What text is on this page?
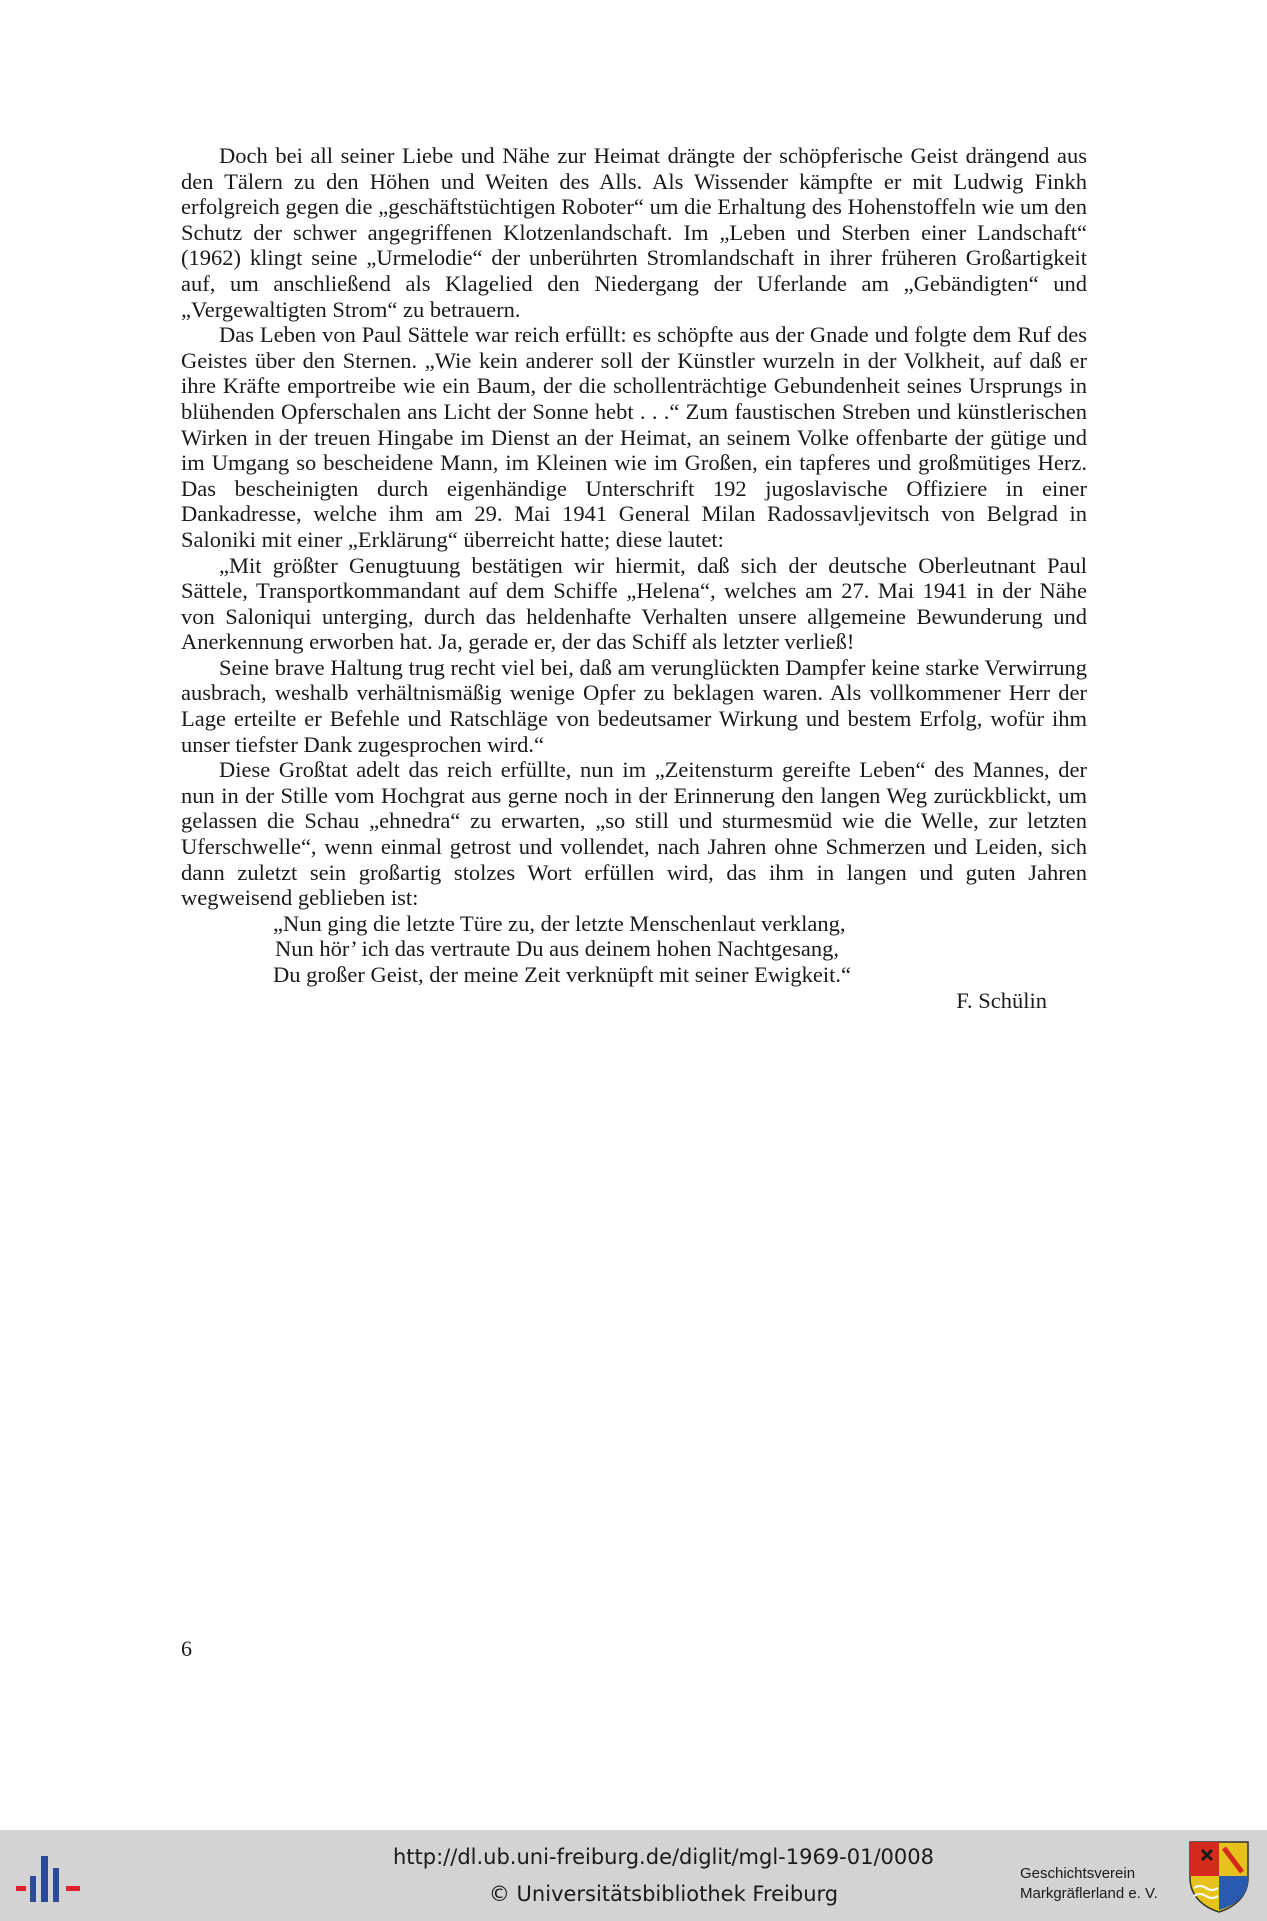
Doch bei all seiner Liebe und Nähe zur Heimat drängte der schöpferische Geist drängend aus den Tälern zu den Höhen und Weiten des Alls. Als Wissender kämpfte er mit Ludwig Finkh erfolgreich gegen die „geschäftstüchtigen Roboter“ um die Erhaltung des Hohenstoffeln wie um den Schutz der schwer angegriffenen Klotzenlandschaft. Im „Leben und Sterben einer Landschaft“ (1962) klingt seine „Urmelodie“ der unberührten Stromlandschaft in ihrer früheren Großartigkeit auf, um anschließend als Klagelied den Niedergang der Uferlande am „Gebändigten“ und „Vergewaltigten Strom“ zu betrauern.

Das Leben von Paul Sättele war reich erfüllt: es schöpfte aus der Gnade und folgte dem Ruf des Geistes über den Sternen. „Wie kein anderer soll der Künstler wurzeln in der Volkheit, auf daß er ihre Kräfte emportreibe wie ein Baum, der die schollenträchtige Gebundenheit seines Ursprungs in blühenden Opferschalen ans Licht der Sonne hebt . . .“ Zum faustischen Streben und künstlerischen Wirken in der treuen Hingabe im Dienst an der Heimat, an seinem Volke offenbarte der gütige und im Umgang so bescheidene Mann, im Kleinen wie im Großen, ein tapferes und großmütiges Herz. Das bescheinigten durch eigenhändige Unterschrift 192 jugoslavische Offiziere in einer Dankadresse, welche ihm am 29. Mai 1941 General Milan Radossavljevitsch von Belgrad in Saloniki mit einer „Erklärung“ überreicht hatte; diese lautet:

„Mit größter Genugtuung bestätigen wir hiermit, daß sich der deutsche Oberleutnant Paul Sättele, Transportkommandant auf dem Schiffe „Helena“, welches am 27. Mai 1941 in der Nähe von Saloniqui unterging, durch das heldenhafte Verhalten unsere allgemeine Bewunderung und Anerkennung erworben hat. Ja, gerade er, der das Schiff als letzter verließ!

Seine brave Haltung trug recht viel bei, daß am verunglückten Dampfer keine starke Verwirrung ausbrach, weshalb verhältnismäßig wenige Opfer zu beklagen waren. Als vollkommener Herr der Lage erteilte er Befehle und Ratschläge von bedeutsamer Wirkung und bestem Erfolg, wofür ihm unser tiefster Dank zugesprochen wird.“

Diese Großtat adelt das reich erfüllte, nun im „Zeitensturm gereifte Leben“ des Mannes, der nun in der Stille vom Hochgrat aus gerne noch in der Erinnerung den langen Weg zurückblickt, um gelassen die Schau „ehnedra“ zu erwarten, „so still und sturmesmüd wie die Welle, zur letzten Uferschwelle“, wenn einmal getrost und vollendet, nach Jahren ohne Schmerzen und Leiden, sich dann zuletzt sein großartig stolzes Wort erfüllen wird, das ihm in langen und guten Jahren wegweisend geblieben ist:

„Nun ging die letzte Türe zu, der letzte Menschenlaut verklang,
Nun hör’ ich das vertraute Du aus deinem hohen Nachtgesang,
Du großer Geist, der meine Zeit verknüpft mit seiner Ewigkeit.“
F. Schülin
6
http://dl.ub.uni-freiburg.de/diglit/mgl-1969-01/0008
© Universitätsbibliothek Freiburg
Geschichtsverein
Markgräflerland e. V.
